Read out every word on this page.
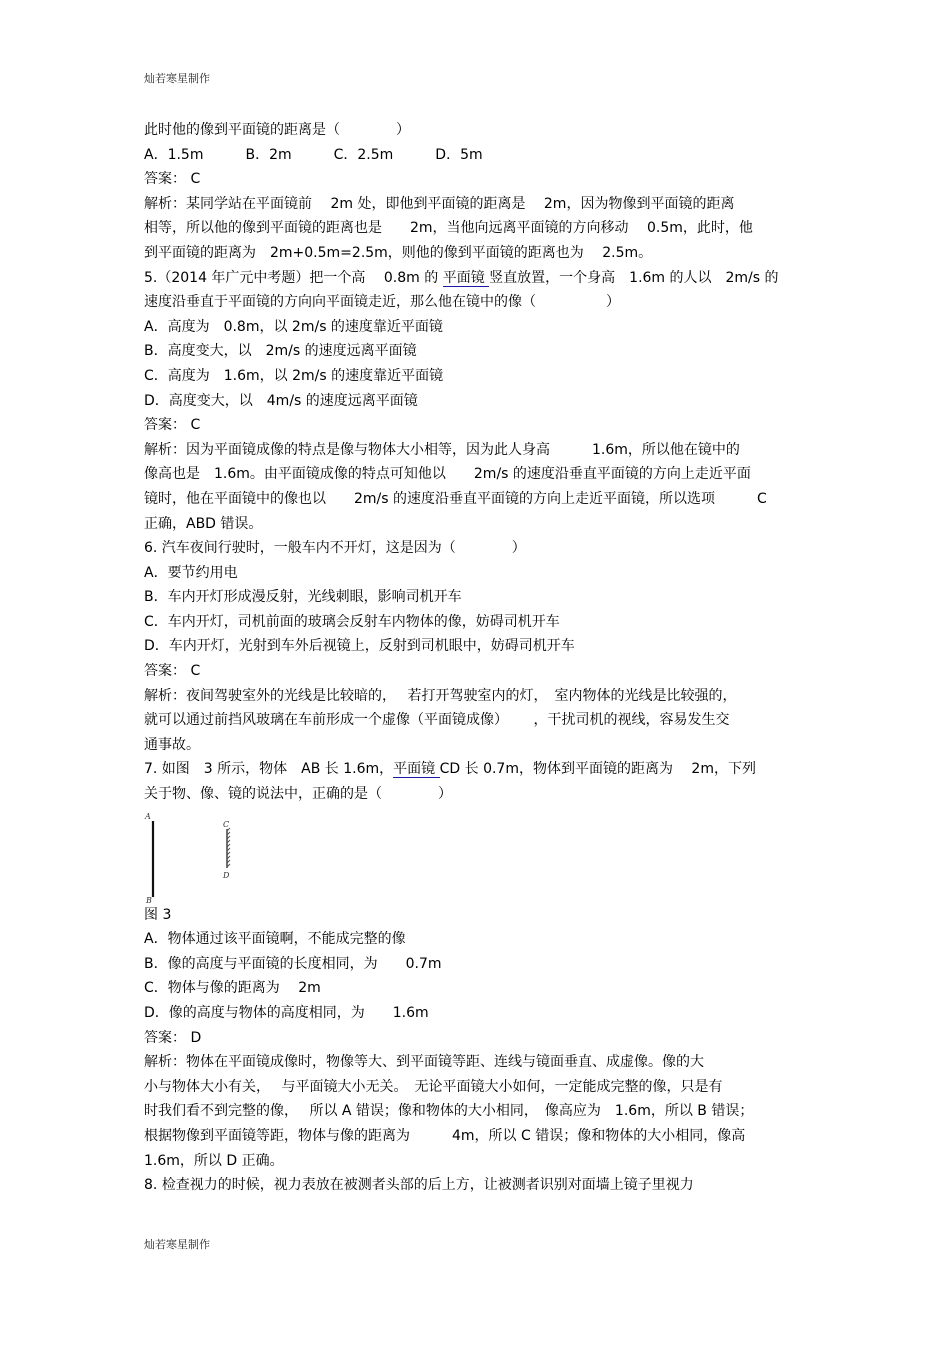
灿若寒星制作
此时他的像到平面镜的距离是（　　　　）
A．1.5m　　　B．2m　　　C．2.5m　　　D．5m
答案： C
解析：某同学站在平面镜前　 2m 处，即他到平面镜的距离是　 2m，因为物像到平面镜的距离
相等，所以他的像到平面镜的距离也是　　2m，当他向远离平面镜的方向移动　 0.5m，此时，他
到平面镜的距离为　2m+0.5m=2.5m，则他的像到平面镜的距离也为　 2.5m。
5.（2014 年广元中考题）把一个高　 0.8m 的 平面镜 竖直放置，一个身高　1.6m 的人以　2m/s 的
速度沿垂直于平面镜的方向向平面镜走近，那么他在镜中的像（　　　　　）
A．高度为　0.8m，以 2m/s 的速度靠近平面镜
B．高度变大，以　2m/s 的速度远离平面镜
C．高度为　1.6m，以 2m/s 的速度靠近平面镜
D．高度变大，以　4m/s 的速度远离平面镜
答案： C
解析：因为平面镜成像的特点是像与物体大小相等，因为此人身高　　　1.6m，所以他在镜中的
像高也是　1.6m。由平面镜成像的特点可知他以　　2m/s 的速度沿垂直平面镜的方向上走近平面
镜时，他在平面镜中的像也以　　2m/s 的速度沿垂直平面镜的方向上走近平面镜，所以选项　　　C
正确，ABD 错误。
6. 汽车夜间行驶时，一般车内不开灯，这是因为（　　　　）
A．要节约用电
B．车内开灯形成漫反射，光线刺眼，影响司机开车
C．车内开灯，司机前面的玻璃会反射车内物体的像，妨碍司机开车
D．车内开灯，光射到车外后视镜上，反射到司机眼中，妨碍司机开车
答案： C
解析：夜间驾驶室外的光线是比较暗的，　 若打开驾驶室内的灯，　室内物体的光线是比较强的，
就可以通过前挡风玻璃在车前形成一个虚像（平面镜成像）　　 ，干扰司机的视线，容易发生交
通事故。
7. 如图　3 所示，物体　AB 长 1.6m，平面镜 CD 长 0.7m，物体到平面镜的距离为　 2m，下列
关于物、像、镜的说法中，正确的是（　　　　）
A
B
C
D
图 3
A．物体通过该平面镜啊，不能成完整的像
B．像的高度与平面镜的长度相同，为　　0.7m
C．物体与像的距离为　 2m
D．像的高度与物体的高度相同，为　　1.6m
答案： D
解析：物体在平面镜成像时，物像等大、到平面镜等距、连线与镜面垂直、成虚像。像的大
小与物体大小有关，　 与平面镜大小无关。　无论平面镜大小如何，一定能成完整的像，只是有
时我们看不到完整的像，　 所以 A 错误；像和物体的大小相同，　像高应为　1.6m，所以 B 错误；
根据物像到平面镜等距，物体与像的距离为　　　4m，所以 C 错误；像和物体的大小相同，像高
1.6m，所以 D 正确。
8. 检查视力的时候，视力表放在被测者头部的后上方，让被测者识别对面墙上镜子里视力
灿若寒星制作
